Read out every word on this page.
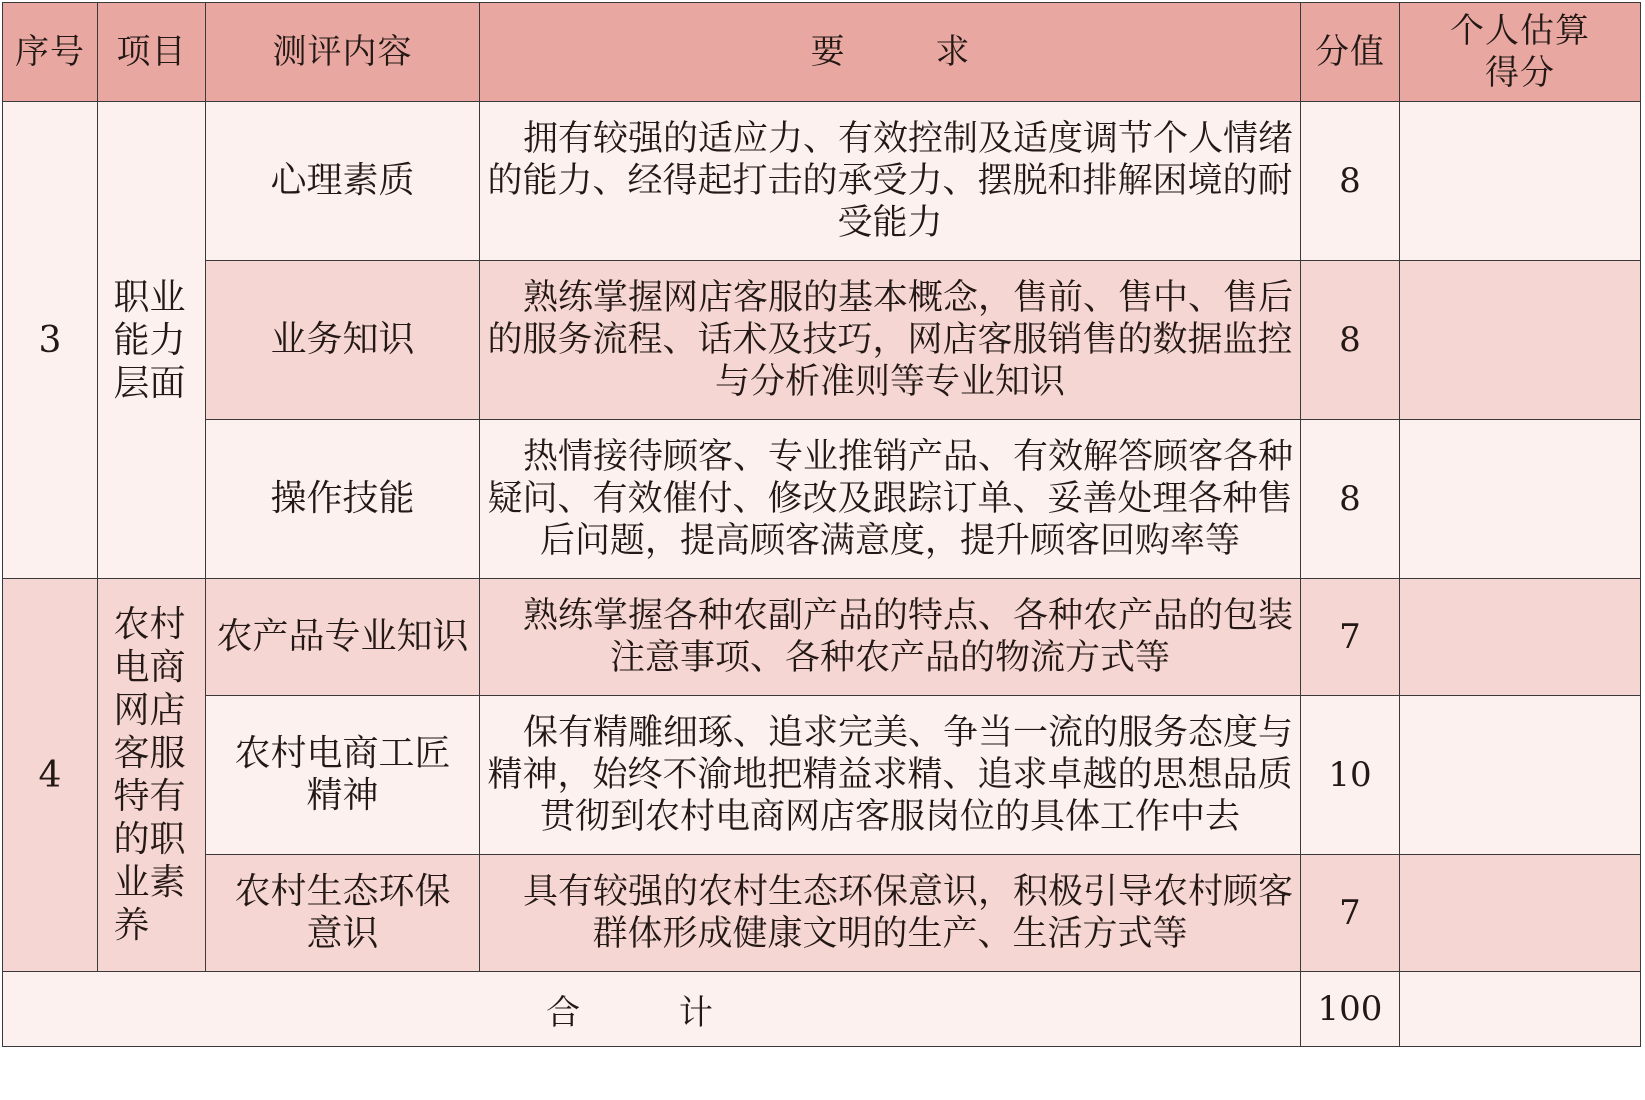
序号	项目	测评内容	要 求	分值	个人估算得分
3	职业能力层面	心理素质	拥有较强的适应力、有效控制及适度调节个人情绪的能力、经得起打击的承受力、摆脱和排解困境的耐受能力	8	
		业务知识	熟练掌握网店客服的基本概念，售前、售中、售后的服务流程、话术及技巧，网店客服销售的数据监控与分析准则等专业知识	8	
		操作技能	热情接待顾客、专业推销产品、有效解答顾客各种疑问、有效催付、修改及跟踪订单、妥善处理各种售后问题，提高顾客满意度，提升顾客回购率等	8	
4	农村电商网店客服特有的职业素养	农产品专业知识	熟练掌握各种农副产品的特点、各种农产品的包装注意事项、各种农产品的物流方式等	7	
		农村电商工匠精神	保有精雕细琢、追求完美、争当一流的服务态度与精神，始终不渝地把精益求精、追求卓越的思想品质贯彻到农村电商网店客服岗位的具体工作中去	10	
		农村生态环保意识	具有较强的农村生态环保意识，积极引导农村顾客群体形成健康文明的生产、生活方式等	7	
合 计				100	
